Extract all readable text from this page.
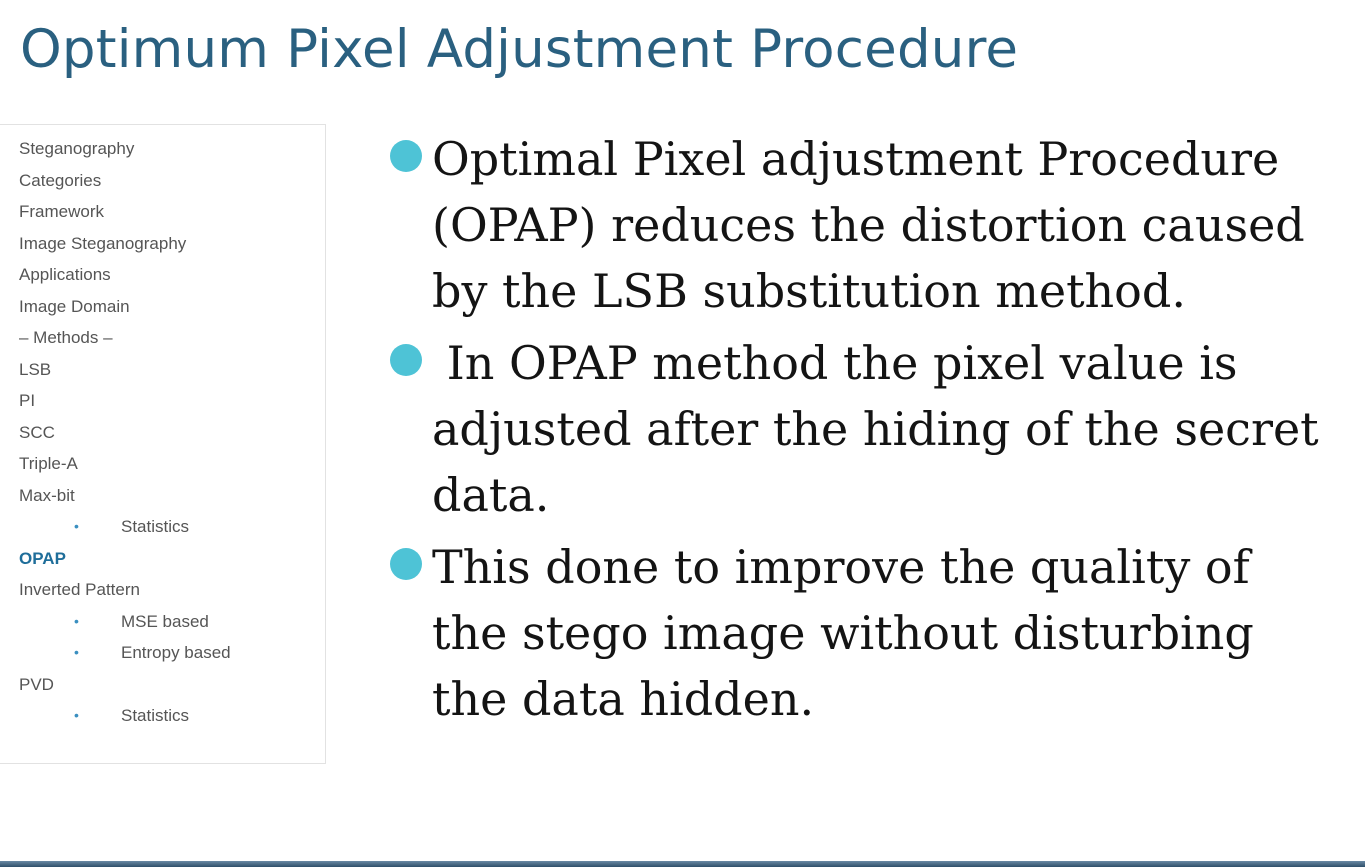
Optimum Pixel Adjustment Procedure
Steganography
Categories
Framework
Image Steganography
Applications
Image Domain
– Methods –
LSB
PI
SCC
Triple-A
Max-bit
• Statistics
OPAP
Inverted Pattern
• MSE based
• Entropy based
PVD
• Statistics
Optimal Pixel adjustment Procedure (OPAP) reduces the distortion caused by the LSB substitution method.
In OPAP method the pixel value is adjusted after the hiding of the secret data.
This done to improve the quality of the stego image without disturbing the data hidden.
